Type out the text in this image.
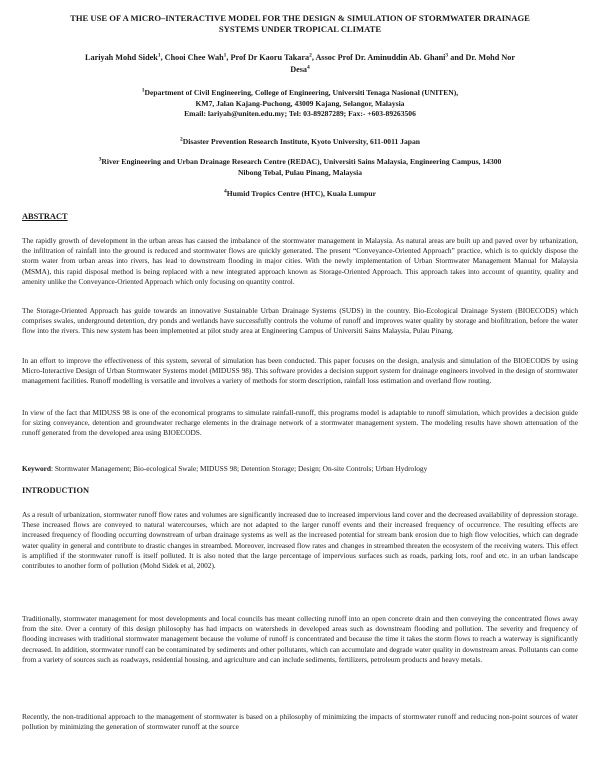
THE USE OF A MICRO–INTERACTIVE MODEL FOR THE DESIGN & SIMULATION OF STORMWATER DRAINAGE
SYSTEMS UNDER TROPICAL CLIMATE
Lariyah Mohd Sidek$^1$, Chooi Chee Wah$^1$, Prof Dr Kaoru Takara$^2$, Assoc Prof Dr. Aminuddin Ab. Ghani$^3$ and Dr. Mohd Nor
Desa$^4$
$^1$Department of Civil Engineering, College of Engineering, Universiti Tenaga Nasional (UNITEN),
KM7, Jalan Kajang-Puchong, 43009 Kajang, Selangor, Malaysia
Email: lariyah@uniten.edu.my; Tel: 03-89287289; Fax:- +603-89263506
$^2$Disaster Prevention Research Institute, Kyoto University, 611-0011 Japan
$^3$River Engineering and Urban Drainage Research Centre (REDAC), Universiti Sains Malaysia, Engineering Campus, 14300
Nibong Tebal, Pulau Pinang, Malaysia
$^4$Humid Tropics Centre (HTC), Kuala Lumpur
ABSTRACT
The rapidly growth of development in the urban areas has caused the imbalance of the stormwater management in Malaysia. As natural areas are built up and paved over by urbanization, the infiltration of rainfall into the ground is reduced and stormwater flows are quickly generated. The present “Conveyance-Oriented Approach” practice, which is to quickly dispose the storm water from urban areas into rivers, has lead to downstream flooding in major cities. With the newly implementation of Urban Stormwater Management Manual for Malaysia (MSMA), this rapid disposal method is being replaced with a new integrated approach known as Storage-Oriented Approach. This approach takes into account of quantity, quality and amenity unlike the Conveyance-Oriented Approach which only focusing on quantity control.
The Storage-Oriented Approach has guide towards an innovative Sustainable Urban Drainage Systems (SUDS) in the country. Bio-Ecological Drainage System (BIOECODS) which comprises swales, underground detention, dry ponds and wetlands have successfully controls the volume of runoff and improves water quality by storage and biofiltration, before the water flow into the rivers. This new system has been implemented at pilot study area at Engineering Campus of Universiti Sains Malaysia, Pulau Pinang.
In an effort to improve the effectiveness of this system, several of simulation has been conducted. This paper focuses on the design, analysis and simulation of the BIOECODS by using Micro-Interactive Design of Urban Stormwater Systems model (MIDUSS 98). This software provides a decision support system for drainage engineers involved in the design of stormwater management facilities. Runoff modelling is versatile and involves a variety of methods for storm description, rainfall loss estimation and overland flow routing.
In view of the fact that MIDUSS 98 is one of the economical programs to simulate rainfall-runoff, this programs model is adaptable to runoff simulation, which provides a decision guide for sizing conveyance, detention and groundwater recharge elements in the drainage network of a stormwater management system. The modeling results have shown attenuation of the runoff generated from the developed area using BIOECODS.
Keyword: Stormwater Management; Bio-ecological Swale; MIDUSS 98; Detention Storage; Design; On-site Controls; Urban Hydrology
INTRODUCTION
As a result of urbanization, stormwater runoff flow rates and volumes are significantly increased due to increased impervious land cover and the decreased availability of depression storage. These increased flows are conveyed to natural watercourses, which are not adapted to the larger runoff events and their increased frequency of occurrence. The resulting effects are increased frequency of flooding occurring downstream of urban drainage systems as well as the increased potential for stream bank erosion due to high flow velocities, which can degrade water quality in general and contribute to drastic changes in streambed. Moreover, increased flow rates and changes in streambed threaten the ecosystem of the receiving waters. This effect is amplified if the stormwater runoff is itself polluted. It is also noted that the large percentage of impervious surfaces such as roads, parking lots, roof and etc. in an urban landscape contributes to another form of pollution (Mohd Sidek et al, 2002).
Traditionally, stormwater management for most developments and local councils has meant collecting runoff into an open concrete drain and then conveying the concentrated flows away from the site. Over a century of this design philosophy has had impacts on watersheds in developed areas such as downstream flooding and pollution. The severity and frequency of flooding increases with traditional stormwater management because the volume of runoff is concentrated and because the time it takes the storm flows to reach a waterway is significantly decreased. In addition, stormwater runoff can be contaminated by sediments and other pollutants, which can accumulate and degrade water quality in downstream areas. Pollutants can come from a variety of sources such as roadways, residential housing, and agriculture and can include sediments, fertilizers, petroleum products and heavy metals.
Recently, the non-traditional approach to the management of stormwater is based on a philosophy of minimizing the impacts of stormwater runoff and reducing non-point sources of water pollution by minimizing the generation of stormwater runoff at the source
